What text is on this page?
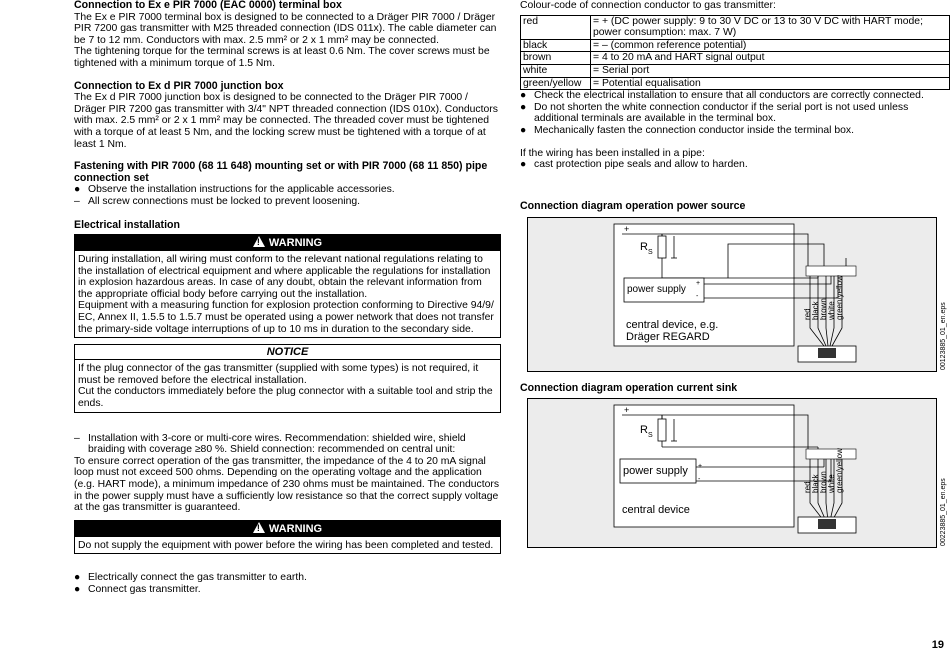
Connection to Ex e PIR 7000 (EAC 0000) terminal box

The Ex e PIR 7000 terminal box is designed to be connected to a Dräger PIR 7000 / Dräger PIR 7200 gas transmitter with M25 threaded connection (IDS 011x). The cable diameter can be 7 to 12 mm. Conductors with max. 2.5 mm² or 2 x 1 mm² may be connected.

The tightening torque for the terminal screws is at least 0.6 Nm. The cover screws must be tightened with a minimum torque of 1.5 Nm.

Connection to Ex d PIR 7000 junction box

The Ex d PIR 7000 junction box is designed to be connected to the Dräger PIR 7000 / Dräger PIR 7200 gas transmitter with 3/4" NPT threaded connection (IDS 010x). Conductors with max. 2.5 mm² or 2 x 1 mm² may be connected. The threaded cover must be tightened with a torque of at least 5 Nm, and the locking screw must be tightened with a torque of at least 1 Nm.

Fastening with PIR 7000 (68 11 648) mounting set or with PIR 7000 (68 11 850) pipe connection set
● Observe the installation instructions for the applicable accessories.
– All screw connections must be locked to prevent loosening.
Electrical installation
! WARNING

During installation, all wiring must conform to the relevant national regulations relating to the installation of electrical equipment and where applicable the regulations for installation in explosion hazardous areas. In case of any doubt, obtain the relevant information from the appropriate official body before carrying out the installation.

Equipment with a measuring function for explosion protection conforming to Directive 94/9/ EC, Annex II, 1.5.5 to 1.5.7 must be operated using a power network that does not transfer the primary-side voltage interruptions of up to 10 ms in duration to the secondary side.

NOTICE

If the plug connector of the gas transmitter (supplied with some types) is not required, it must be removed before the electrical installation.

Cut the conductors immediately before the plug connector with a suitable tool and strip the ends.

– Installation with 3-core or multi-core wires. Recommendation: shielded wire, shield braiding with coverage ≥80 %. Shield connection: recommended on central unit:

To ensure correct operation of the gas transmitter, the impedance of the 4 to 20 mA signal loop must not exceed 500 ohms. Depending on the operating voltage and the application (e.g. HART mode), a minimum impedance of 230 ohms must be maintained. The conductors in the power supply must have a sufficiently low resistance so that the correct supply voltage at the gas transmitter is guaranteed.

! WARNING

Do not supply the equipment with power before the wiring has been completed and tested.

● Electrically connect the gas transmitter to earth.
● Connect gas transmitter.

Colour-code of connection conductor to gas transmitter:

red	= + (DC power supply: 9 to 30 V DC or 13 to 30 V DC with HART mode; power consumption: max. 7 W)
black	= – (common reference potential)
brown	= 4 to 20 mA and HART signal output
white	= Serial port
green/yellow	= Potential equalisation
● Check the electrical installation to ensure that all conductors are correctly connected.
● Do not shorten the white connection conductor if the serial port is not used unless additional terminals are available in the terminal box.
● Mechanically fasten the connection conductor inside the terminal box.

If the wiring has been installed in a pipe:

● cast protection pipe seals and allow to harden.
Connection diagram operation power source
+
R S
power supply
+
-
central device, e.g.
Dräger REGARD
red black brown white green/yellow
00123885_01_en.eps
Connection diagram operation current sink
+
R S
power supply +
-
central device
red black brown white green/yellow
00223885_01_en.eps
19
